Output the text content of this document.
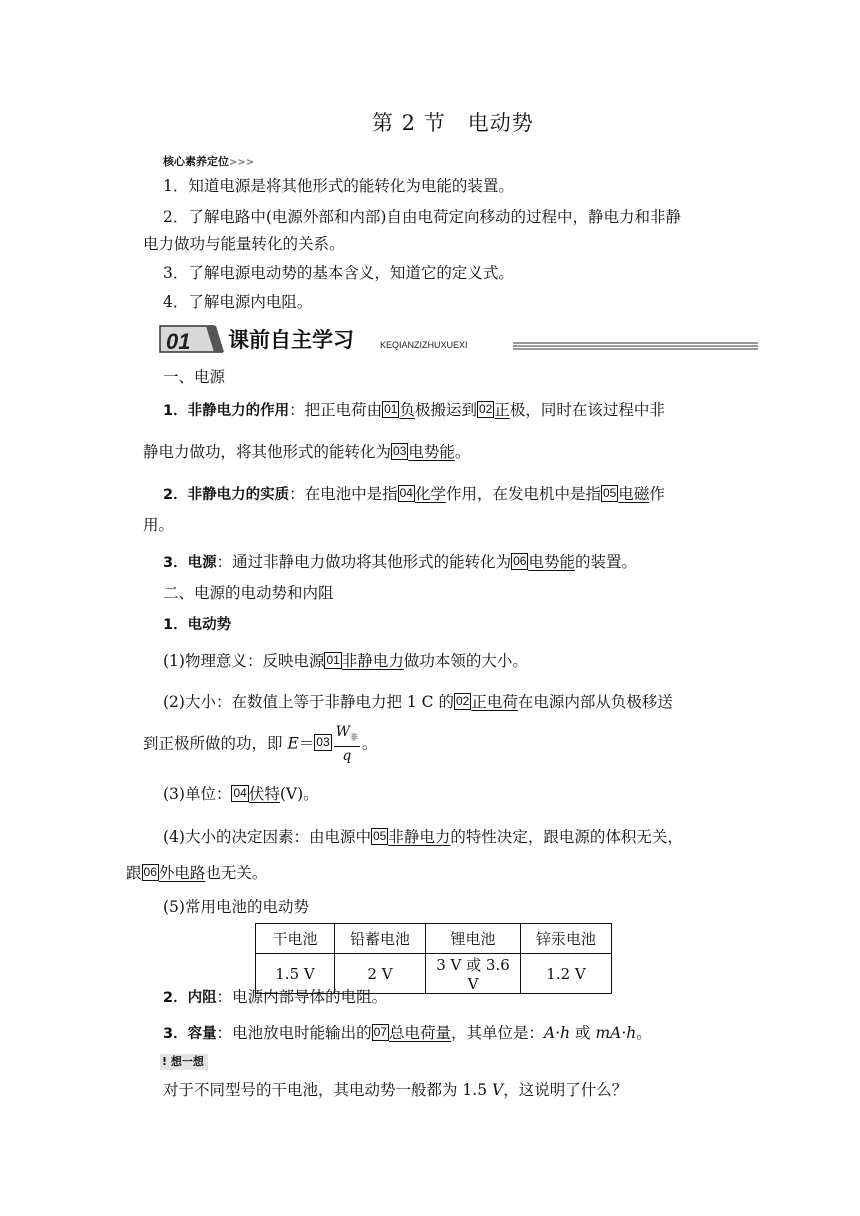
第 2 节　电动势
核心素养定位>>>
1．知道电源是将其他形式的能转化为电能的装置。
2．了解电路中(电源外部和内部)自由电荷定向移动的过程中，静电力和非静
电力做功与能量转化的关系。
3．了解电源电动势的基本含义，知道它的定义式。
4．了解电源内电阻。
01 课前自主学习	KEQIANZIZHUXUEXI
一、电源
1．非静电力的作用：把正电荷由 01 负极搬运到 02 正极，同时在该过程中非
静电力做功，将其他形式的能转化为 03 电势能。
2．非静电力的实质：在电池中是指 04 化学作用，在发电机中是指 05 电磁作
用。
3．电源：通过非静电力做功将其他形式的能转化为 06 电势能的装置。
二、电源的电动势和内阻
1．电动势
(1)物理意义：反映电源 01 非静电力做功本领的大小。
(2)大小：在数值上等于非静电力把 1 C 的 02 正电荷在电源内部从负极移送
到正极所做的功，即 $E= 03 \frac{W_非}{q}$ 。
(3)单位： 04 伏特(V)。
(4)大小的决定因素：由电源中 05 非静电力的特性决定，跟电源的体积无关，
跟 06 外电路也无关。
(5)常用电池的电动势
干电池	铅蓄电池	锂电池	锌汞电池
1.5 V	2 V	3 V 或 3.6 V	1.2 V
2．内阻：电源内部导体的电阻。
3．容量：电池放电时能输出的 07 总电荷量，其单位是：A·h 或 mA·h。
! 想一想
对于不同型号的干电池，其电动势一般都为 1.5 V，这说明了什么？
